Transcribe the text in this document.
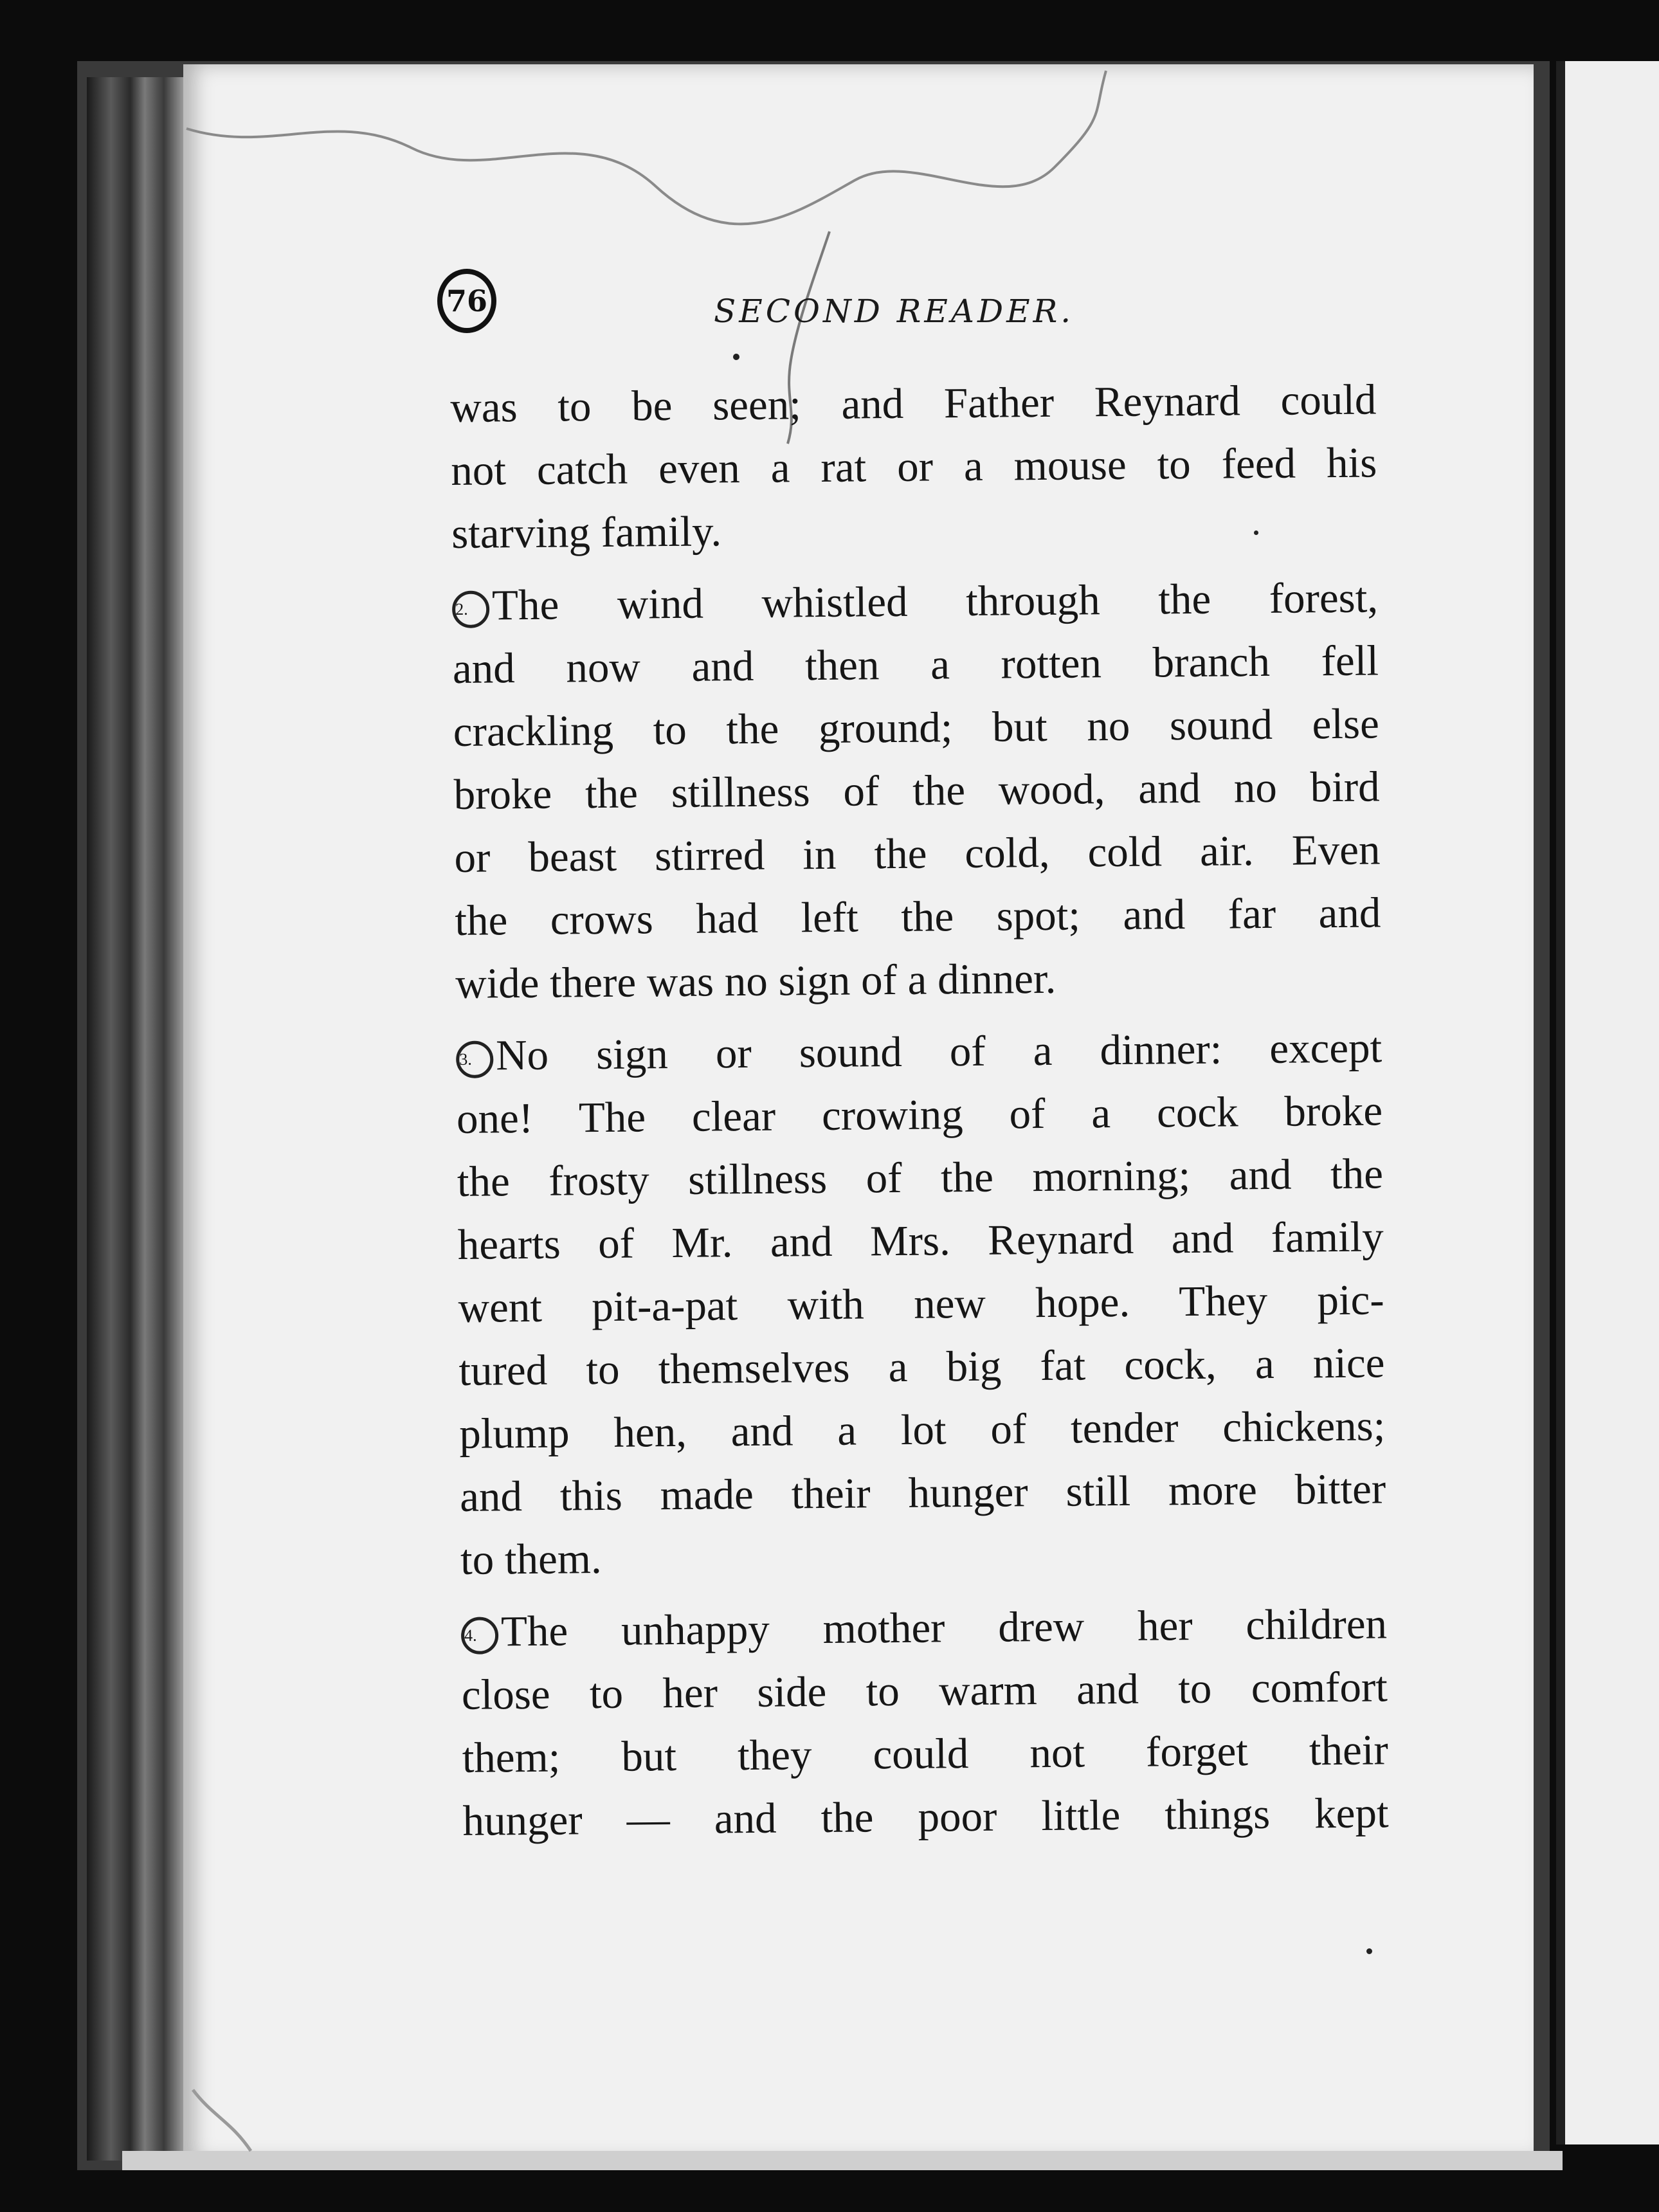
76	SECOND READER.
was to be seen; and Father Reynard could
not catch even a rat or a mouse to feed his
starving family.
2. The wind whistled through the forest,
and now and then a rotten branch fell
crackling to the ground; but no sound else
broke the stillness of the wood, and no bird
or beast stirred in the cold, cold air. Even
the crows had left the spot; and far and
wide there was no sign of a dinner.
3. No sign or sound of a dinner: except
one! The clear crowing of a cock broke
the frosty stillness of the morning; and the
hearts of Mr. and Mrs. Reynard and family
went pit-a-pat with new hope. They pic-
tured to themselves a big fat cock, a nice
plump hen, and a lot of tender chickens;
and this made their hunger still more bitter
to them.
4. The unhappy mother drew her children
close to her side to warm and to comfort
them; but they could not forget their
hunger — and the poor little things kept
